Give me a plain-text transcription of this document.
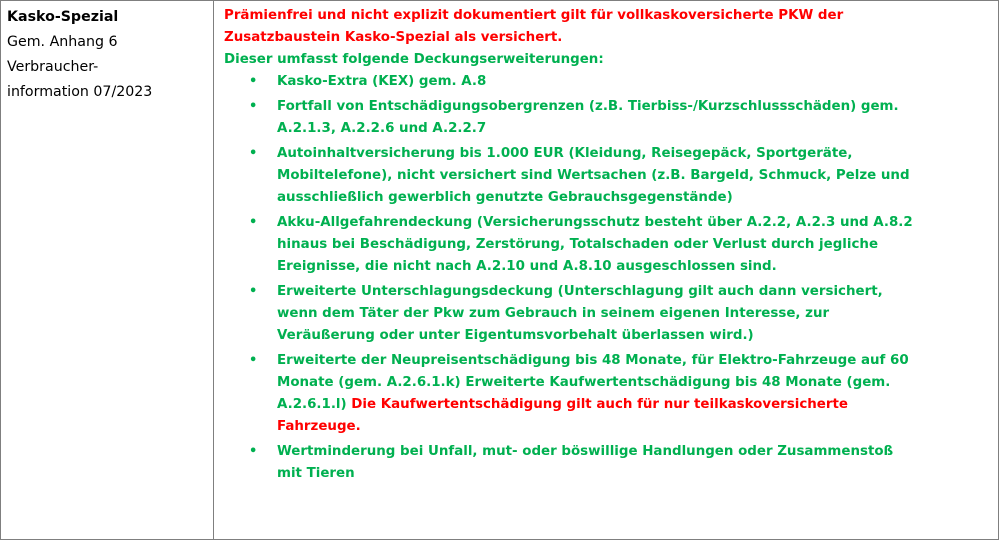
Kasko-Spezial
Gem. Anhang 6
Verbraucher-
information 07/2023

Prämienfrei und nicht explizit dokumentiert gilt für vollkaskoversicherte PKW der
Zusatzbaustein Kasko-Spezial als versichert.
Dieser umfasst folgende Deckungserweiterungen:
• Kasko-Extra (KEX) gem. A.8
• Fortfall von Entschädigungsobergrenzen (z.B. Tierbiss-/Kurzschlussschäden) gem.
A.2.1.3, A.2.2.6 und A.2.2.7
• Autoinhaltversicherung bis 1.000 EUR (Kleidung, Reisegepäck, Sportgeräte,
Mobiltelefone), nicht versichert sind Wertsachen (z.B. Bargeld, Schmuck, Pelze und
ausschließlich gewerblich genutzte Gebrauchsgegenstände)
• Akku-Allgefahrendeckung (Versicherungsschutz besteht über A.2.2, A.2.3 und A.8.2
hinaus bei Beschädigung, Zerstörung, Totalschaden oder Verlust durch jegliche
Ereignisse, die nicht nach A.2.10 und A.8.10 ausgeschlossen sind.
• Erweiterte Unterschlagungsdeckung (Unterschlagung gilt auch dann versichert,
wenn dem Täter der Pkw zum Gebrauch in seinem eigenen Interesse, zur
Veräußerung oder unter Eigentumsvorbehalt überlassen wird.)
• Erweiterte der Neupreisentschädigung bis 48 Monate, für Elektro-Fahrzeuge auf 60
Monate (gem. A.2.6.1.k) Erweiterte Kaufwertentschädigung bis 48 Monate (gem.
A.2.6.1.l) Die Kaufwertentschädigung gilt auch für nur teilkaskoversicherte
Fahrzeuge.
• Wertminderung bei Unfall, mut- oder böswillige Handlungen oder Zusammenstoß
mit Tieren
